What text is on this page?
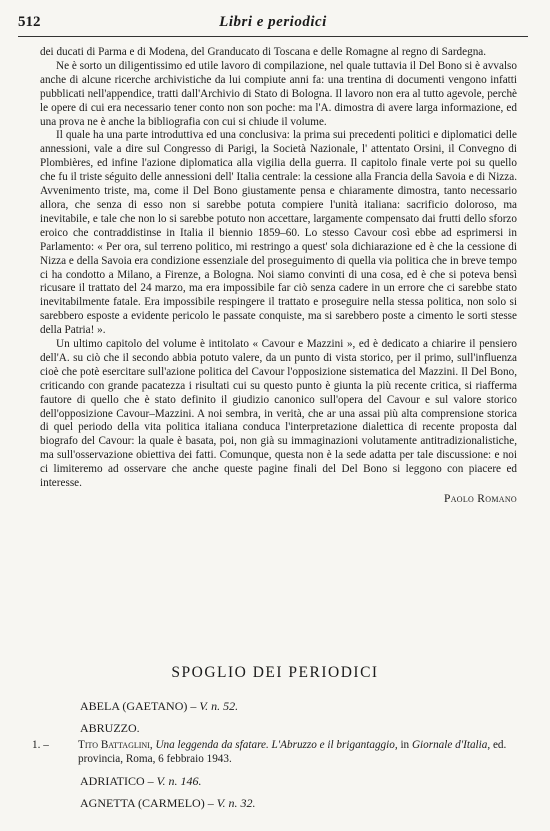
512	Libri e periodici

dei ducati di Parma e di Modena, del Granducato di Toscana e delle Romagne al regno di Sardegna.

Ne è sorto un diligentissimo ed utile lavoro di compilazione, nel quale tuttavia il Del Bono si è avvalso anche di alcune ricerche archivistiche da lui compiute anni fa: una trentina di documenti vengono infatti pubblicati nell'appendice, tratti dall'Archivio di Stato di Bologna. Il lavoro non era al tutto agevole, perchè le opere di cui era necessario tener conto non son poche: ma l'A. dimostra di avere larga informazione, ed una prova ne è anche la bibliografia con cui si chiude il volume.

Il quale ha una parte introduttiva ed una conclusiva: la prima sui precedenti politici e diplomatici delle annessioni, vale a dire sul Congresso di Parigi, la Società Nazionale, l' attentato Orsini, il Convegno di Plombières, ed infine l'azione diplomatica alla vigilia della guerra. Il capitolo finale verte poi su quello che fu il triste séguito delle annessioni dell' Italia centrale: la cessione alla Francia della Savoia e di Nizza. Avvenimento triste, ma, come il Del Bono giustamente pensa e chiaramente dimostra, tanto necessario allora, che senza di esso non si sarebbe potuta compiere l'unità italiana: sacrificio doloroso, ma inevitabile, e tale che non lo si sarebbe potuto non accettare, largamente compensato dai frutti dello sforzo eroico che contraddistinse in Italia il biennio 1859–60. Lo stesso Cavour così ebbe ad esprimersi in Parlamento: « Per ora, sul terreno politico, mi restringo a quest' sola dichiarazione ed è che la cessione di Nizza e della Savoia era condizione essenziale del proseguimento di quella via politica che in breve tempo ci ha condotto a Milano, a Firenze, a Bologna. Noi siamo convinti di una cosa, ed è che si poteva bensì ricusare il trattato del 24 marzo, ma era impossibile far ciò senza cadere in un errore che ci sarebbe stato inevitabilmente fatale. Era impossibile respingere il trattato e proseguire nella stessa politica, non solo si sarebbero esposte a evidente pericolo le passate conquiste, ma si sarebbero poste a cimento le sorti stesse della Patria! ».

Un ultimo capitolo del volume è intitolato « Cavour e Mazzini », ed è dedicato a chiarire il pensiero dell'A. su ciò che il secondo abbia potuto valere, da un punto di vista storico, per il primo, sull'influenza cioè che potè esercitare sull'azione politica del Cavour l'opposizione sistematica del Mazzini. Il Del Bono, criticando con grande pacatezza i risultati cui su questo punto è giunta la più recente critica, si riafferma fautore di quello che è stato definito il giudizio canonico sull'opera del Cavour e sul valore storico dell'opposizione Cavour–Mazzini. A noi sembra, in verità, che ar una assai più alta comprensione storica di quel periodo della vita politica italiana conduca l'interpretazione dialettica di recente proposta dal biografo del Cavour: la quale è basata, poi, non già su immaginazioni volutamente antitradizionalistiche, ma sull'osservazione obiettiva dei fatti. Comunque, questa non è la sede adatta per tale discussione: e noi ci limiteremo ad osservare che anche queste pagine finali del Del Bono si leggono con piacere ed interesse.

Paolo Romano
SPOGLIO DEI PERIODICI
ABELA (GAETANO) – V. n. 52.
ABRUZZO.
1. –	Tito Battaglini, Una leggenda da sfatare. L'Abruzzo e il brigantaggio, in Giornale d'Italia, ed. provincia, Roma, 6 febbraio 1943.
ADRIATICO – V. n. 146.
AGNETTA (CARMELO) – V. n. 32.
